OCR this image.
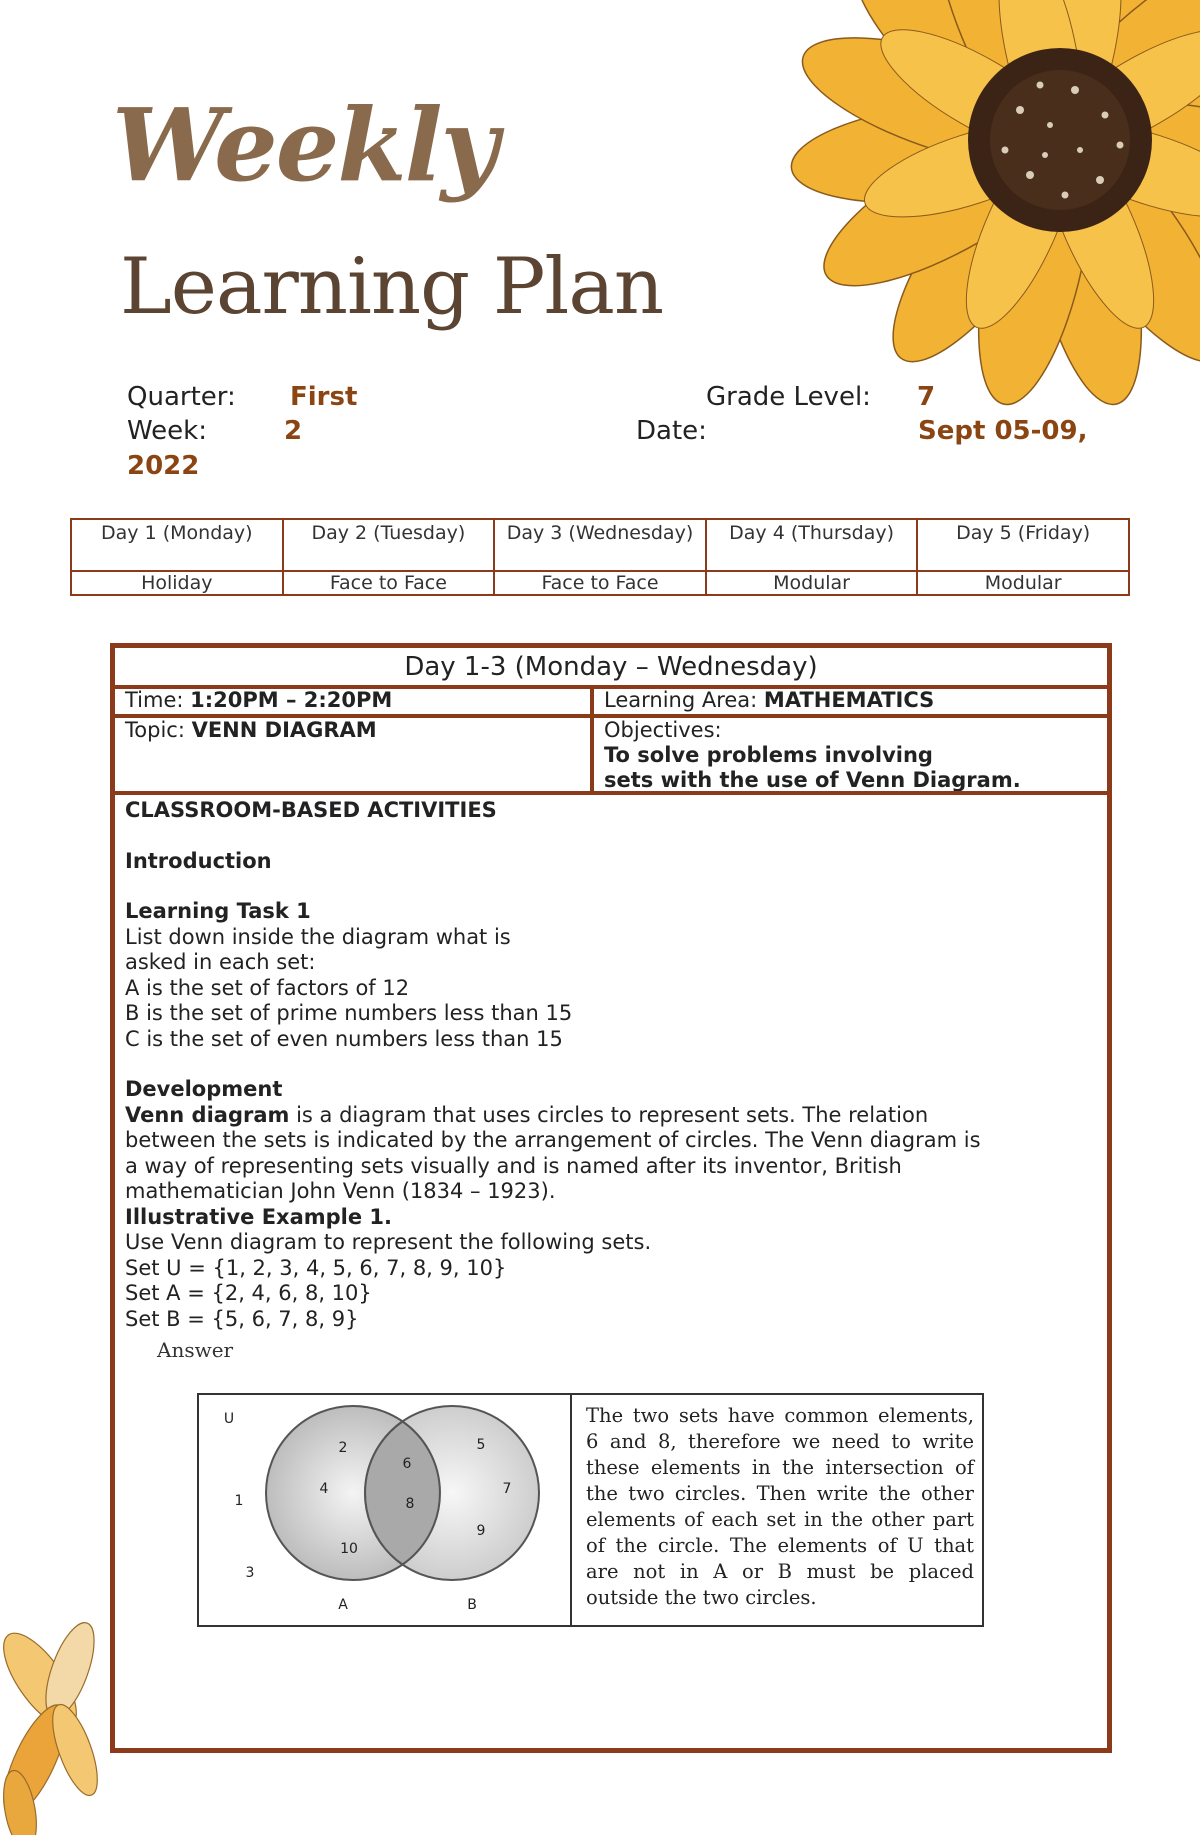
Weekly
Learning Plan
Quarter: First	Grade Level: 7
Week:	2	Date:	Sept 05-09,
2022
Day 1 (Monday)	Day 2 (Tuesday)	Day 3 (Wednesday)	Day 4 (Thursday)	Day 5 (Friday)
Holiday	Face to Face	Face to Face	Modular	Modular
Day 1-3 (Monday – Wednesday)
Time: 1:20PM – 2:20PM	Learning Area: MATHEMATICS
Topic: VENN DIAGRAM	Objectives:
To solve problems involving
sets with the use of Venn Diagram.

CLASSROOM-BASED ACTIVITIES

Introduction

Learning Task 1

List down inside the diagram what is

asked in each set:

A is the set of factors of 12

B is the set of prime numbers less than 15

C is the set of even numbers less than 15

Development

Venn diagram is a diagram that uses circles to represent sets. The relation

between the sets is indicated by the arrangement of circles. The Venn diagram is

a way of representing sets visually and is named after its inventor, British

mathematician John Venn (1834 – 1923).

Illustrative Example 1.

Use Venn diagram to represent the following sets.

Set U = {1, 2, 3, 4, 5, 6, 7, 8, 9, 10}

Set A = {2, 4, 6, 8, 10}

Set B = {5, 6, 7, 8, 9}

Answer
U
A	B
2
4
10
6
8
5
7
9
1
3
The two sets have common elements, 6 and 8, therefore we need to write these elements in the intersection of the two circles. Then write the other elements of each set in the other part of the circle. The elements of U that are not in A or B must be placed outside the two circles.
